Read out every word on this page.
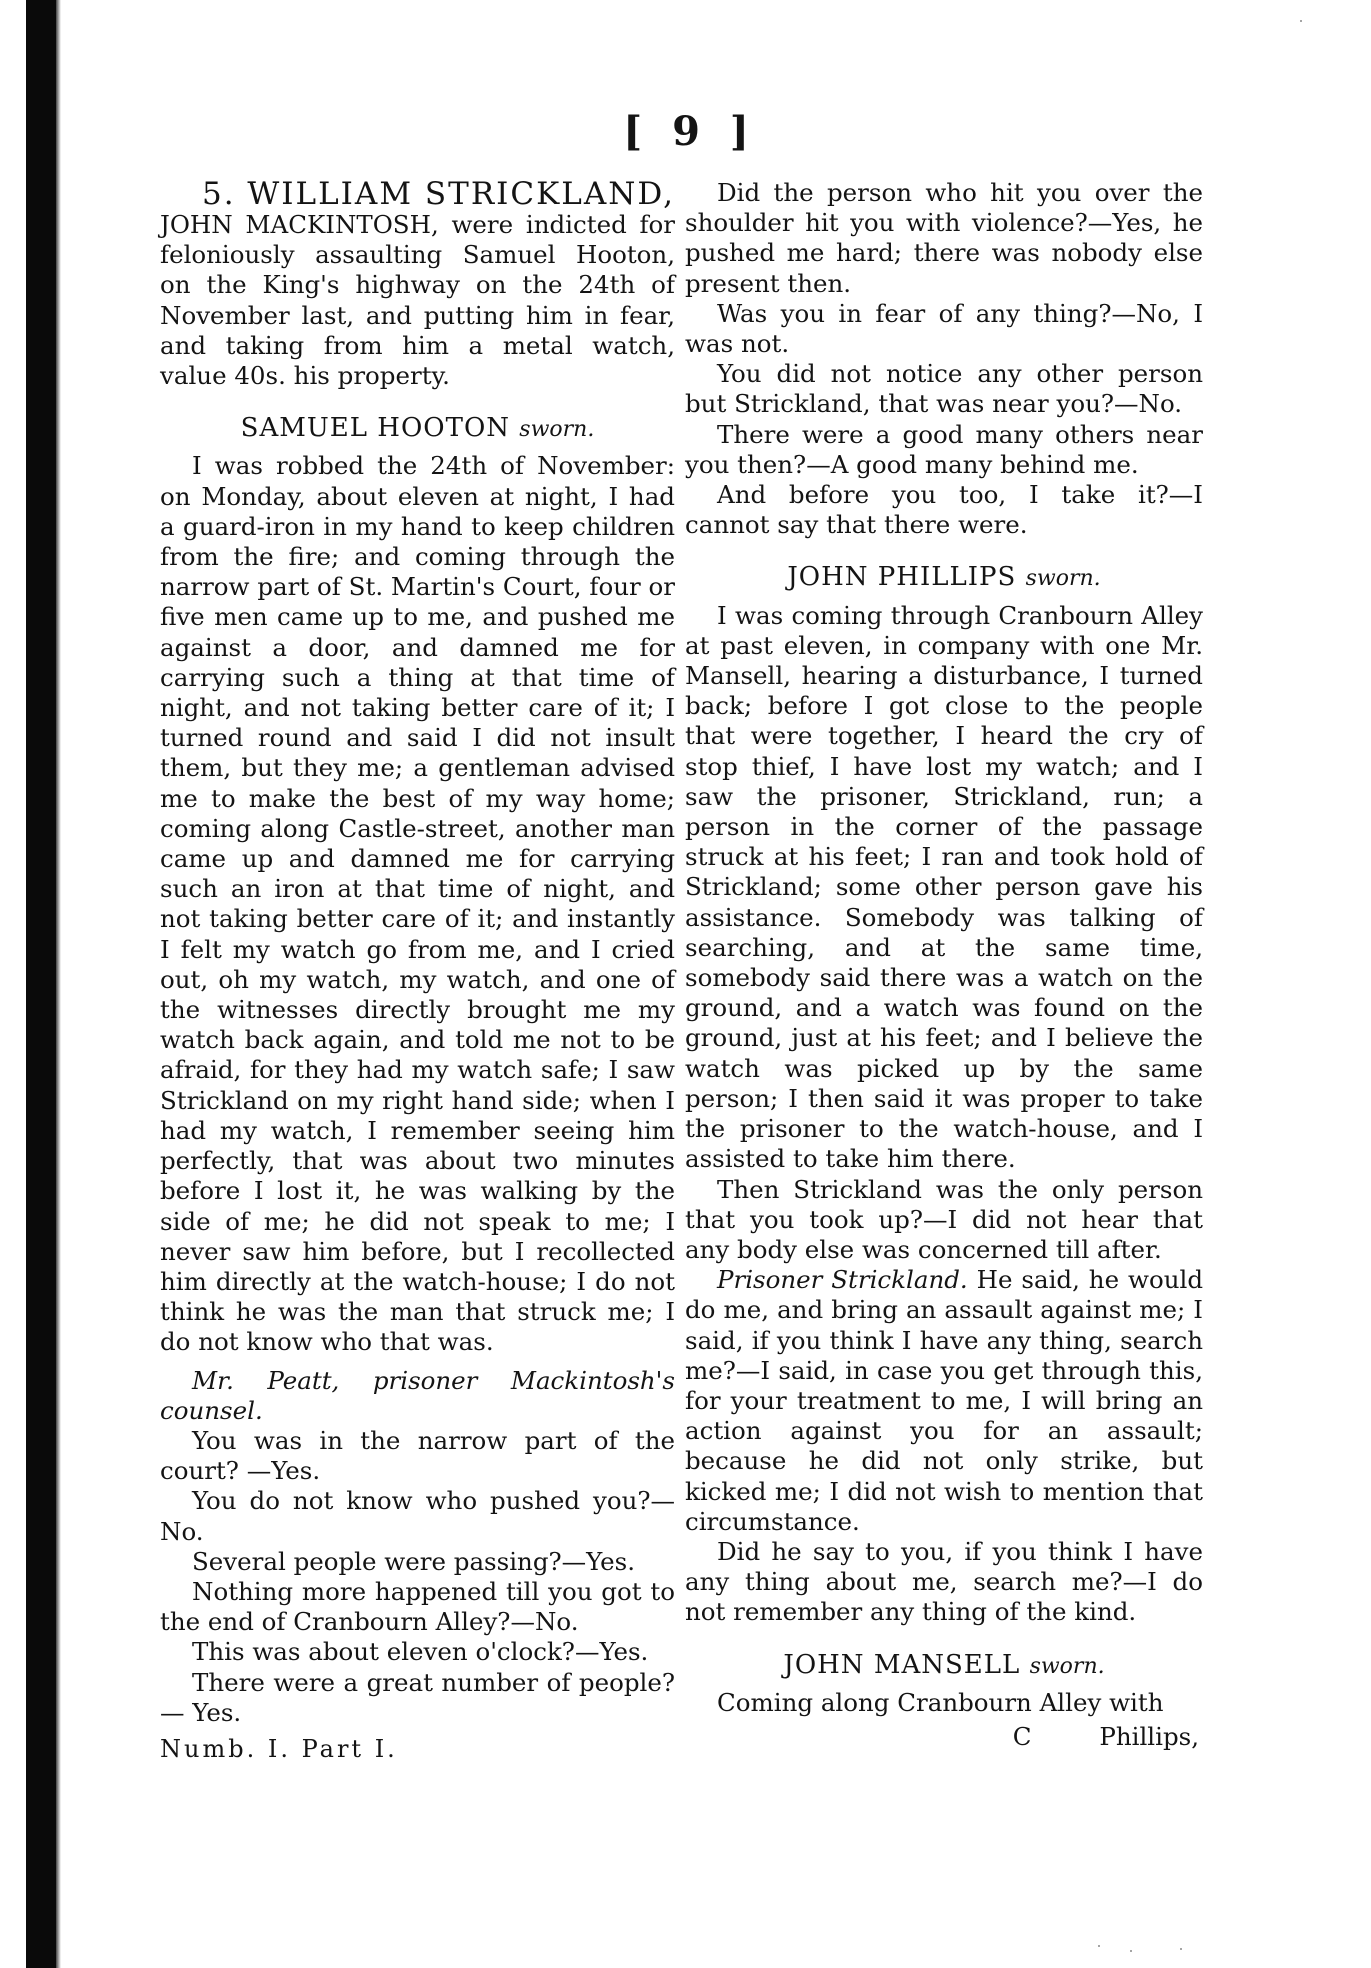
[ 9 ]

5. WILLIAM STRICKLAND,

JOHN MACKINTOSH, were indicted for feloniously assaulting Samuel Hooton, on the King's highway on the 24th of November last, and putting him in fear, and taking from him a metal watch, value 40s. his property.

SAMUEL HOOTON sworn.

I was robbed the 24th of November: on Monday, about eleven at night, I had a guard-iron in my hand to keep children from the fire; and coming through the narrow part of St. Martin's Court, four or five men came up to me, and pushed me against a door, and damned me for carrying such a thing at that time of night, and not taking better care of it; I turned round and said I did not insult them, but they me; a gentleman advised me to make the best of my way home; coming along Castle-street, another man came up and damned me for carrying such an iron at that time of night, and not taking better care of it; and instantly I felt my watch go from me, and I cried out, oh my watch, my watch, and one of the witnesses directly brought me my watch back again, and told me not to be afraid, for they had my watch safe; I saw Strickland on my right hand side; when I had my watch, I remember seeing him perfectly, that was about two minutes before I lost it, he was walking by the side of me; he did not speak to me; I never saw him before, but I recollected him directly at the watch-house; I do not think he was the man that struck me; I do not know who that was.

Mr. Peatt, prisoner Mackintosh's counsel.

You was in the narrow part of the court? —Yes.

You do not know who pushed you?— No.

Several people were passing?—Yes.

Nothing more happened till you got to the end of Cranbourn Alley?—No.

This was about eleven o'clock?—Yes.

There were a great number of people?— Yes.

Numb. I. Part I.

Did the person who hit you over the shoulder hit you with violence?—Yes, he pushed me hard; there was nobody else present then.

Was you in fear of any thing?—No, I was not.

You did not notice any other person but Strickland, that was near you?—No.

There were a good many others near you then?—A good many behind me.

And before you too, I take it?—I cannot say that there were.

JOHN PHILLIPS sworn.

I was coming through Cranbourn Alley at past eleven, in company with one Mr. Mansell, hearing a disturbance, I turned back; before I got close to the people that were together, I heard the cry of stop thief, I have lost my watch; and I saw the prisoner, Strickland, run; a person in the corner of the passage struck at his feet; I ran and took hold of Strickland; some other person gave his assistance. Somebody was talking of searching, and at the same time, somebody said there was a watch on the ground, and a watch was found on the ground, just at his feet; and I believe the watch was picked up by the same person; I then said it was proper to take the prisoner to the watch-house, and I assisted to take him there.

Then Strickland was the only person that you took up?—I did not hear that any body else was concerned till after.

Prisoner Strickland. He said, he would do me, and bring an assault against me; I said, if you think I have any thing, search me?—I said, in case you get through this, for your treatment to me, I will bring an action against you for an assault; because he did not only strike, but kicked me; I did not wish to mention that circumstance.

Did he say to you, if you think I have any thing about me, search me?—I do not remember any thing of the kind.

JOHN MANSELL sworn.

Coming along Cranbourn Alley with

C	Phillips,
